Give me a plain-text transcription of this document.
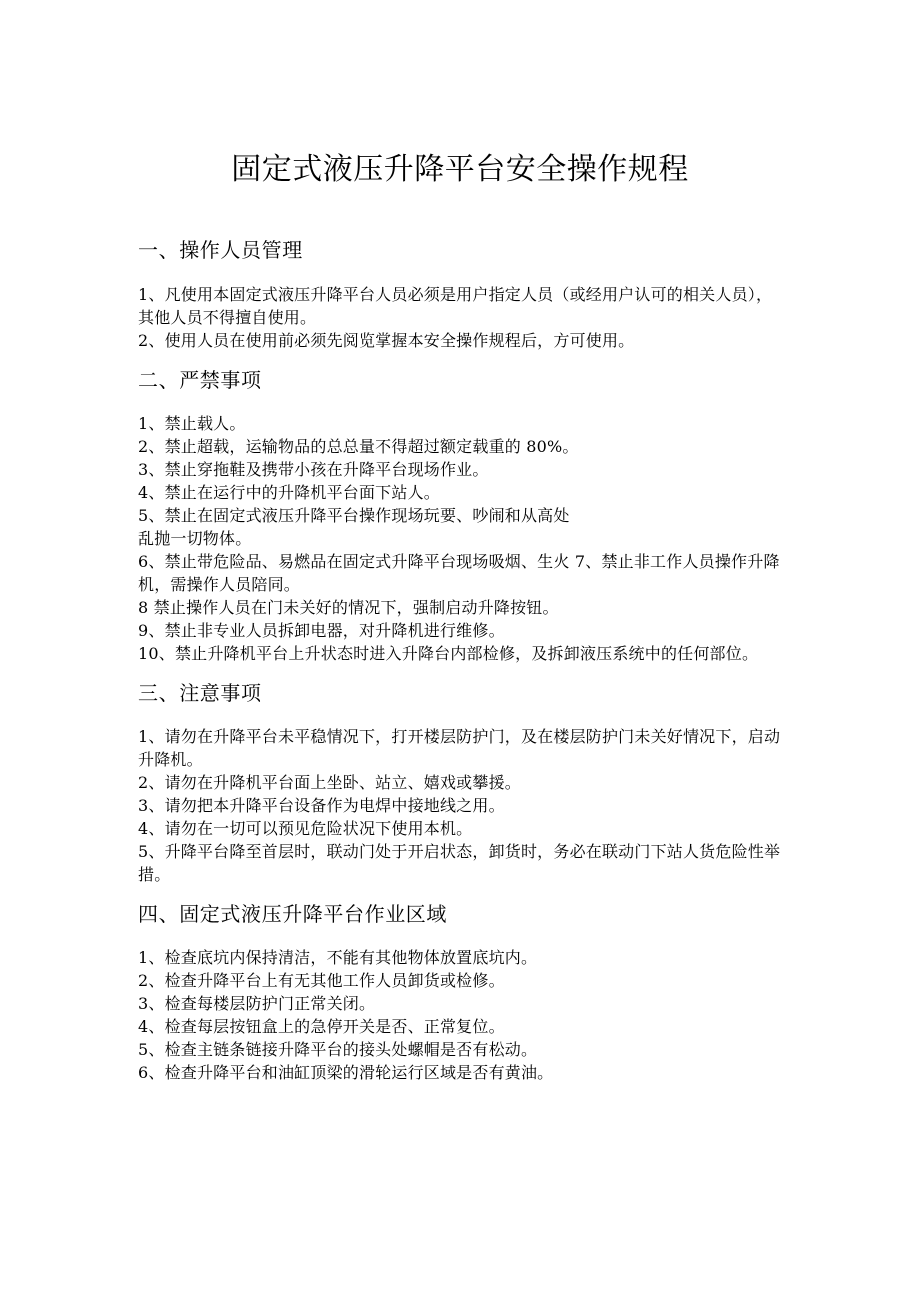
固定式液压升降平台安全操作规程
一、操作人员管理
1、凡使用本固定式液压升降平台人员必须是用户指定人员（或经用户认可的相关人员），其他人员不得擅自使用。
2、使用人员在使用前必须先阅览掌握本安全操作规程后，方可使用。
二、严禁事项
1、禁止载人。
2、禁止超载，运输物品的总总量不得超过额定载重的 80%。
3、禁止穿拖鞋及携带小孩在升降平台现场作业。
4、禁止在运行中的升降机平台面下站人。
5、禁止在固定式液压升降平台操作现场玩要、吵闹和从高处
乱抛一切物体。
6、禁止带危险品、易燃品在固定式升降平台现场吸烟、生火 7、禁止非工作人员操作升降机，需操作人员陪同。
8 禁止操作人员在门未关好的情况下，强制启动升降按钮。
9、禁止非专业人员拆卸电器，对升降机进行维修。
10、禁止升降机平台上升状态时进入升降台内部检修，及拆卸液压系统中的任何部位。
三、注意事项
1、请勿在升降平台未平稳情况下，打开楼层防护门，及在楼层防护门未关好情况下，启动升降机。
2、请勿在升降机平台面上坐卧、站立、嬉戏或攀援。
3、请勿把本升降平台设备作为电焊中接地线之用。
4、请勿在一切可以预见危险状况下使用本机。
5、升降平台降至首层时，联动门处于开启状态，卸货时，务必在联动门下站人货危险性举措。
四、固定式液压升降平台作业区域
1、检查底坑内保持清洁，不能有其他物体放置底坑内。
2、检查升降平台上有无其他工作人员卸货或检修。
3、检查每楼层防护门正常关闭。
4、检查每层按钮盒上的急停开关是否、正常复位。
5、检查主链条链接升降平台的接头处螺帽是否有松动。
6、检查升降平台和油缸顶梁的滑轮运行区域是否有黄油。
